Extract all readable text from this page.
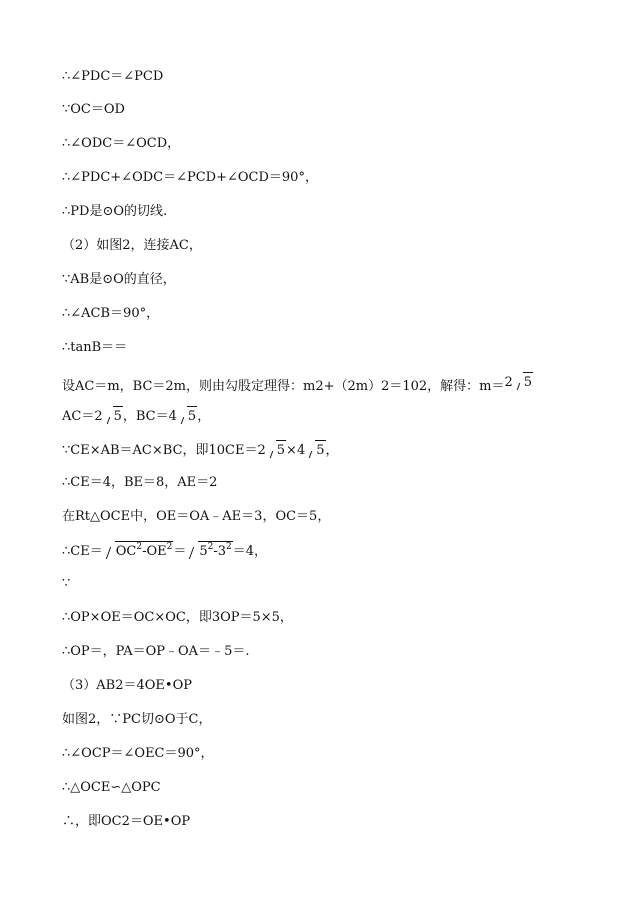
∴∠PDC＝∠PCD
∵OC＝OD
∴∠ODC＝∠OCD，
∴∠PDC+∠ODC＝∠PCD+∠OCD＝90°，
∴PD是⊙O的切线.
（2）如图2，连接AC，
∵AB是⊙O的直径，
∴∠ACB＝90°，
∴tanB＝＝
设AC＝m，BC＝2m，则由勾股定理得：m2+（2m）2＝102，解得：m＝2 5
AC＝2 5，BC＝4 5，
∵CE×AB＝AC×BC，即10CE＝2 5×4 5，
∴CE＝4，BE＝8，AE＝2
在Rt△OCE中，OE＝OA﹣AE＝3，OC＝5，
∴CE＝ $OC^2-OE^2= 5^2-3^2=4$，
∵
∴OP×OE＝OC×OC，即3OP＝5×5，
∴OP＝，PA＝OP﹣OA＝﹣5＝.
（3）AB2＝4OE•OP
如图2，∵PC切⊙O于C，
∴∠OCP＝∠OEC＝90°，
∴△OCE∽△OPC
∴，即OC2＝OE•OP
